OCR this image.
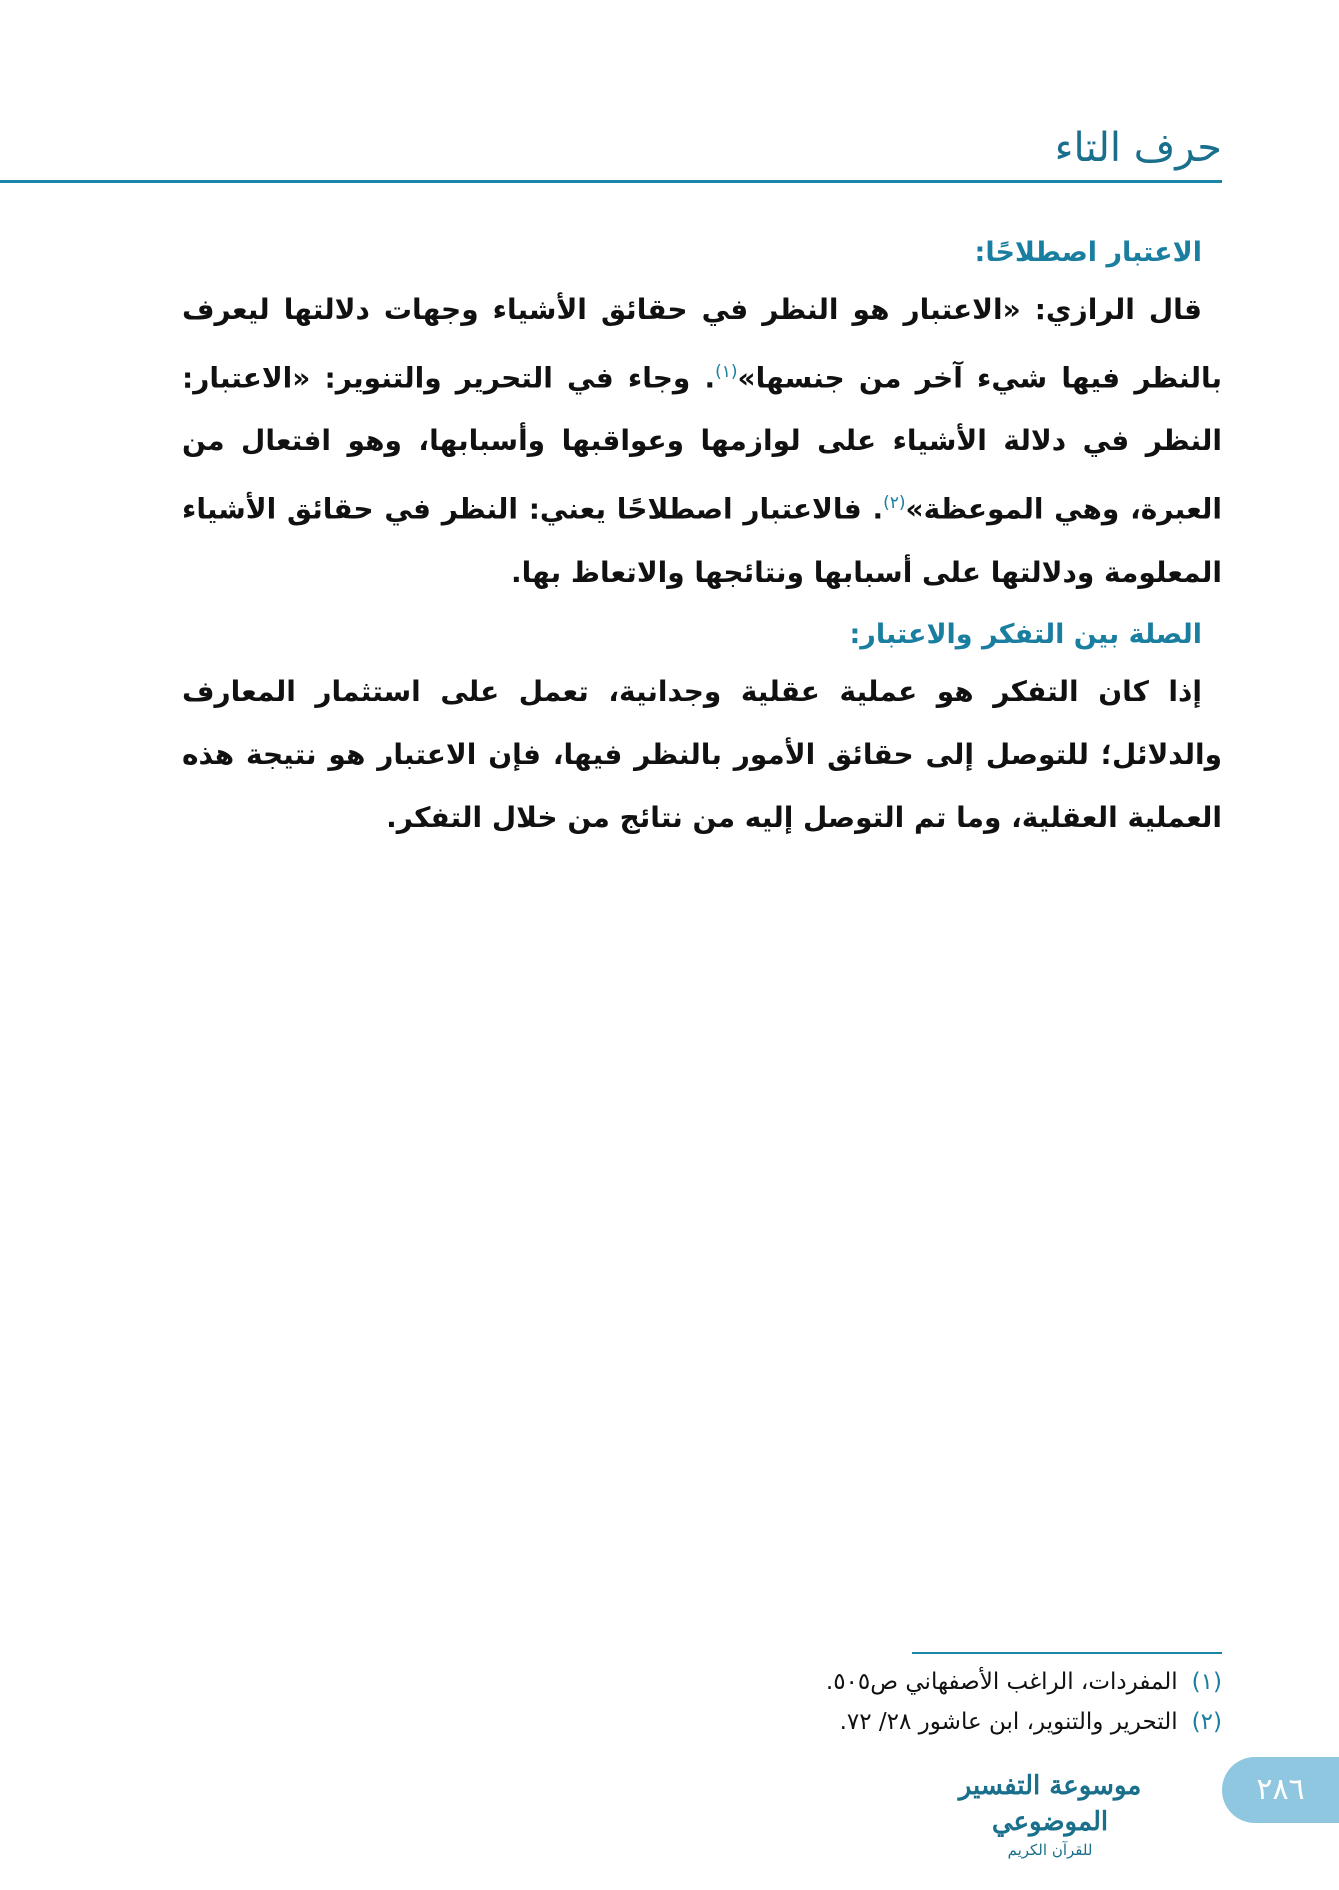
حرف التاء
الاعتبار اصطلاحًا:

قال الرازي: «الاعتبار هو النظر في حقائق الأشياء وجهات دلالتها ليعرف بالنظر فيها شيء آخر من جنسها»$^{(١)}$. وجاء في التحرير والتنوير: «الاعتبار: النظر في دلالة الأشياء على لوازمها وعواقبها وأسبابها، وهو افتعال من العبرة، وهي الموعظة»$^{(٢)}$. فالاعتبار اصطلاحًا يعني: النظر في حقائق الأشياء المعلومة ودلالتها على أسبابها ونتائجها والاتعاظ بها.

الصلة بين التفكر والاعتبار:

إذا كان التفكر هو عملية عقلية وجدانية، تعمل على استثمار المعارف والدلائل؛ للتوصل إلى حقائق الأمور بالنظر فيها، فإن الاعتبار هو نتيجة هذه العملية العقلية، وما تم التوصل إليه من نتائج من خلال التفكر.

(١)المفردات، الراغب الأصفهاني ص٥٠٥.
(٢)التحرير والتنوير، ابن عاشور ٢٨/ ٧٢.
موسوعة التفسير الموضوعي
للقرآن الكريم
٢٨٦
